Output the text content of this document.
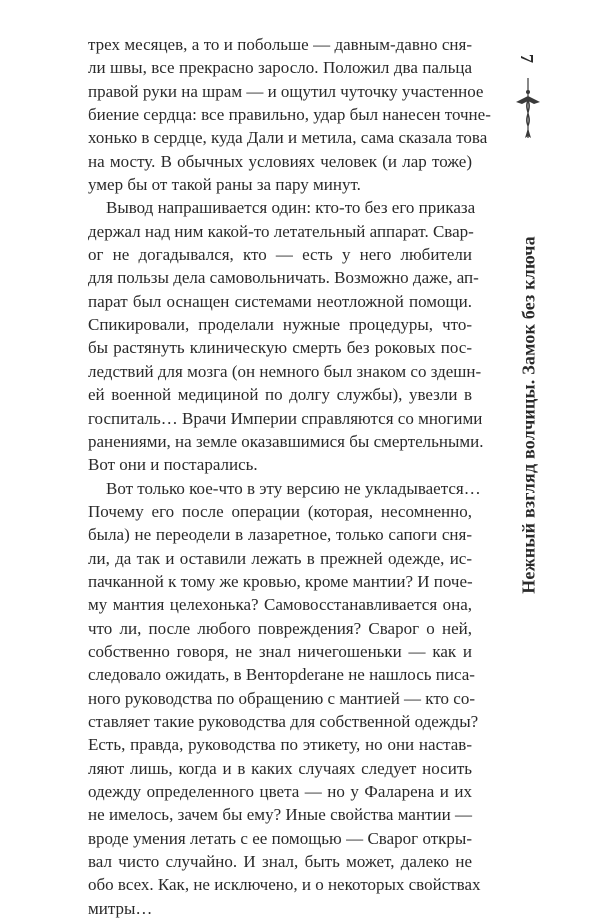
трех месяцев, а то и побольше — давным-давно сня-
ли швы, все прекрасно заросло. Положил два пальца
правой руки на шрам — и ощутил чуточку участенное
биение сердца: все правильно, удар был нанесен точне-
хонько в сердце, куда Дали и метила, сама сказала това
на мосту. В обычных условиях человек (и лар тоже)
умер бы от такой раны за пару минут.
Вывод напрашивается один: кто-то без его приказа
держал над ним какой-то летательный аппарат. Свар-
ог не догадывался, кто — есть у него любители
для пользы дела самовольничать. Возможно даже, ап-
парат был оснащен системами неотложной помощи.
Спикировали, проделали нужные процедуры, что-
бы растянуть клиническую смерть без роковых пос-
ледствий для мозга (он немного был знаком со здешн-
ей военной медициной по долгу службы), увезли в
госпиталь… Врачи Империи справляются со многими
ранениями, на земле оказавшимися бы смертельными.
Вот они и постарались.
Вот только кое-что в эту версию не укладывается…
Почему его после операции (которая, несомненно,
была) не переодели в лазаретное, только сапоги сня-
ли, да так и оставили лежать в прежней одежде, ис-
пачканной к тому же кровью, кроме мантии? И поче-
му мантия целехонька? Самовосстанавливается она,
что ли, после любого повреждения? Сварог о ней,
собственно говоря, не знал ничегошеньки — как и
следовало ожидать, в Венторderане не нашлось писа-
ного руководства по обращению с мантией — кто со-
ставляет такие руководства для собственной одежды?
Есть, правда, руководства по этикету, но они настав-
ляют лишь, когда и в каких случаях следует носить
одежду определенного цвета — но у Фаларена и их
не имелось, зачем бы ему? Иные свойства мантии —
вроде умения летать с ее помощью — Сварог откры-
вал чисто случайно. И знал, быть может, далеко не
обо всех. Как, не исключено, и о некоторых свойствах
митры…
7
Нежный взгляд волчицы. Замок без ключа
